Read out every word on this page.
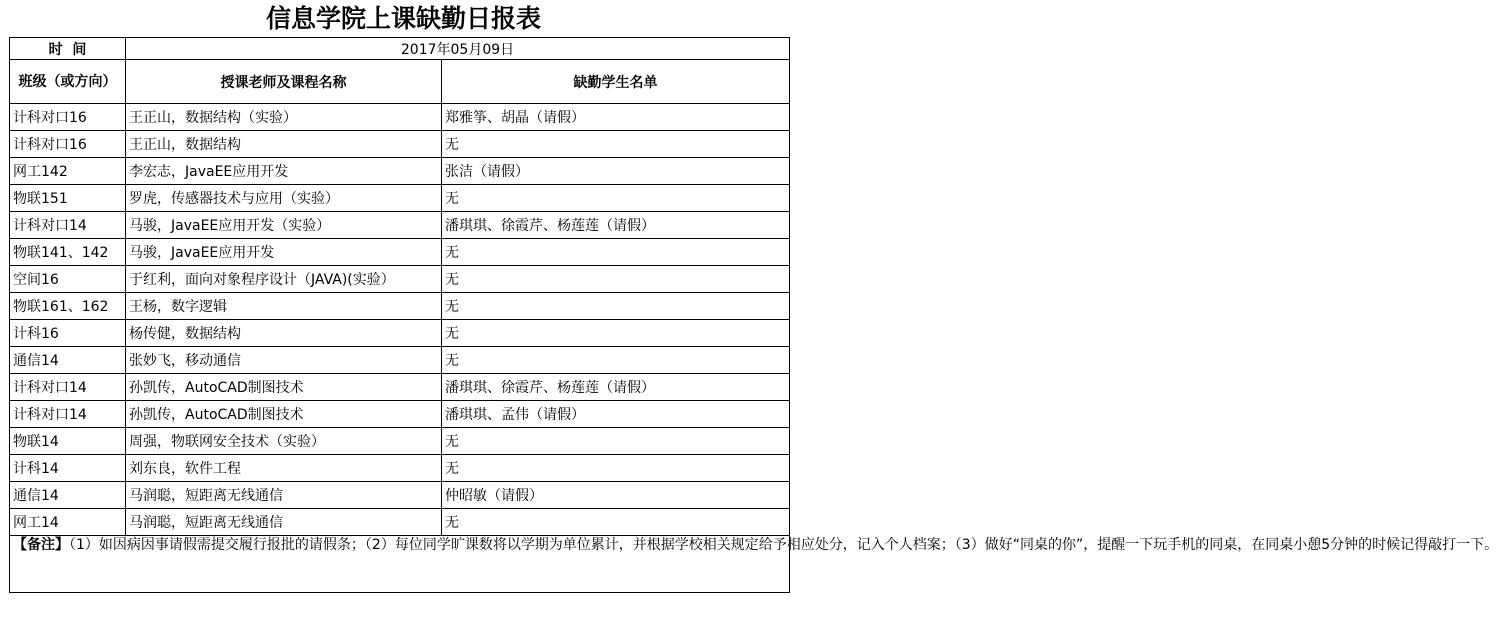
信息学院上课缺勤日报表
时  间	2017年05月09日	
班级（或方向）	授课老师及课程名称	缺勤学生名单
计科对口16	王正山，数据结构（实验）	郑雅筝、胡晶（请假）
计科对口16	王正山，数据结构	无
网工142	李宏志，JavaEE应用开发	张洁（请假）
物联151	罗虎，传感器技术与应用（实验）	无
计科对口14	马骏，JavaEE应用开发（实验）	潘琪琪、徐霞芹、杨莲莲（请假）
物联141、142	马骏，JavaEE应用开发	无
空间16	于红利，面向对象程序设计（JAVA)(实验）	无
物联161、162	王杨，数字逻辑	无
计科16	杨传健，数据结构	无
通信14	张妙飞，移动通信	无
计科对口14	孙凯传，AutoCAD制图技术	潘琪琪、徐霞芹、杨莲莲（请假）
计科对口14	孙凯传，AutoCAD制图技术	潘琪琪、孟伟（请假）
物联14	周强，物联网安全技术（实验）	无
计科14	刘东良，软件工程	无
通信14	马润聪，短距离无线通信	仲昭敏（请假）
网工14	马润聪，短距离无线通信	无
【备注】（1）如因病因事请假需提交履行报批的请假条；（2）每位同学旷课数将以学期为单位累计，并根据学校相关规定给予相应处分，记入个人档案；（3）做好“同桌的你”，提醒一下玩手机的同桌，在同桌小憩5分钟的时候记得敲打一下。		
